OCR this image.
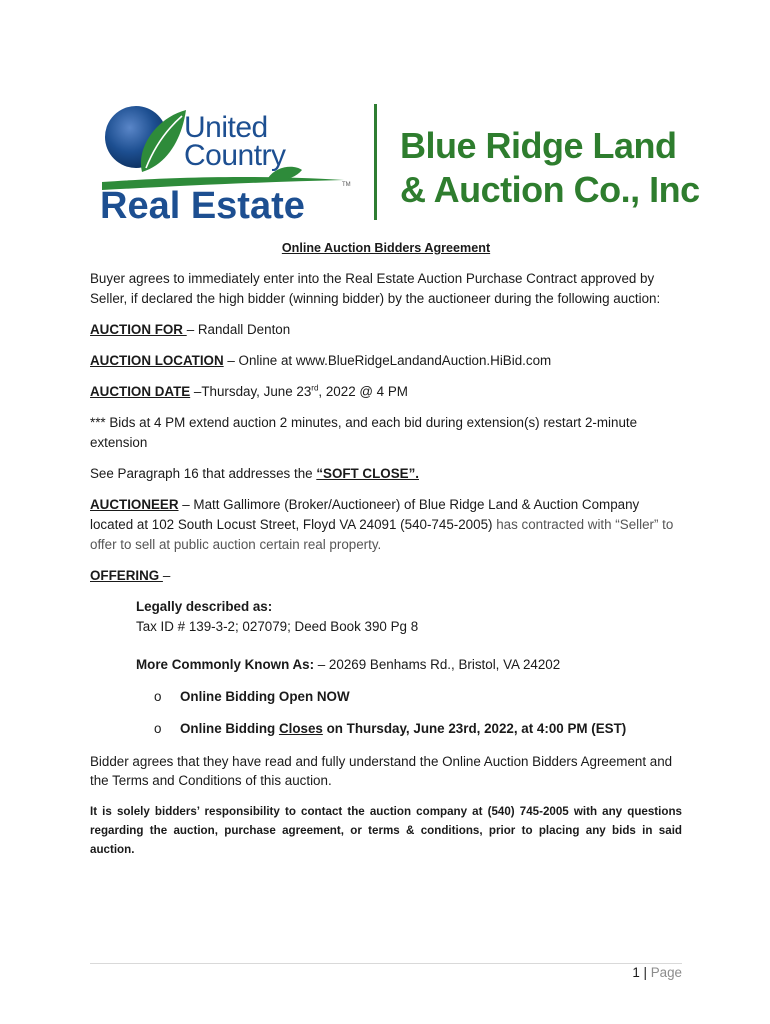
United
Country
Real Estate	TM
Blue Ridge Land
& Auction Co., Inc

Online Auction Bidders Agreement

Buyer agrees to immediately enter into the Real Estate Auction Purchase Contract approved by Seller, if declared the high bidder (winning bidder) by the auctioneer during the following auction:

AUCTION FOR – Randall Denton

AUCTION LOCATION – Online at www.BlueRidgeLandandAuction.HiBid.com

AUCTION DATE –Thursday, June 23rd, 2022 @ 4 PM

*** Bids at 4 PM extend auction 2 minutes, and each bid during extension(s) restart 2-minute extension

See Paragraph 16 that addresses the “SOFT CLOSE”.

AUCTIONEER – Matt Gallimore (Broker/Auctioneer) of Blue Ridge Land & Auction Company located at 102 South Locust Street, Floyd VA 24091 (540-745-2005) has contracted with “Seller” to offer to sell at public auction certain real property.

OFFERING –

Legally described as:

Tax ID # 139-3-2; 027079; Deed Book 390 Pg 8

More Commonly Known As: – 20269 Benhams Rd., Bristol, VA 24202

o	Online Bidding Open NOW
o	Online Bidding Closes on Thursday, June 23rd, 2022, at 4:00 PM (EST)

Bidder agrees that they have read and fully understand the Online Auction Bidders Agreement and the Terms and Conditions of this auction.

It is solely bidders’ responsibility to contact the auction company at (540) 745-2005 with any questions regarding the auction, purchase agreement, or terms & conditions, prior to placing any bids in said auction.

1 | Page
